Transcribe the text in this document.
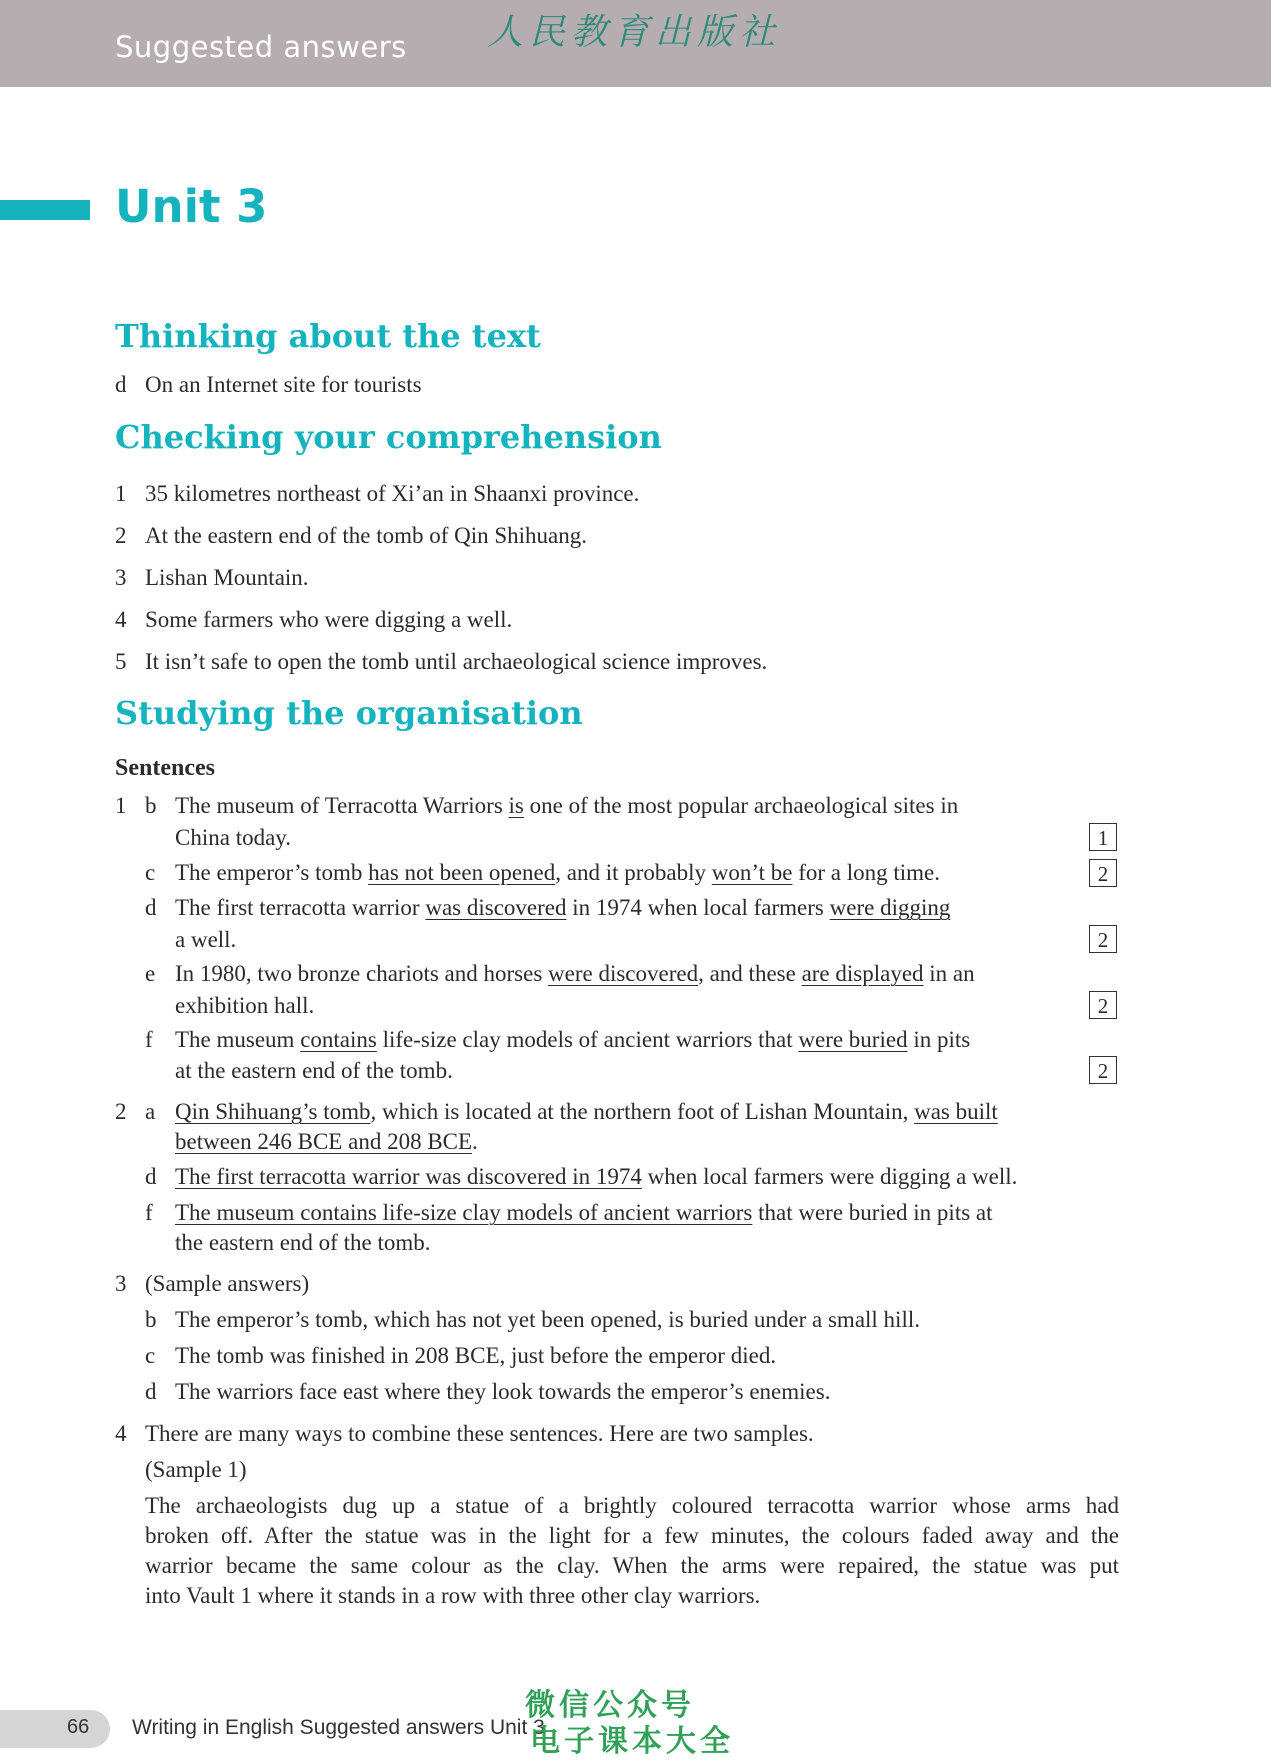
Suggested answers 人民教育出版社
Unit 3
Thinking about the text
d On an Internet site for tourists
Checking your comprehension
1 35 kilometres northeast of Xi’an in Shaanxi province.
2 At the eastern end of the tomb of Qin Shihuang.
3 Lishan Mountain.
4 Some farmers who were digging a well.
5 It isn’t safe to open the tomb until archaeological science improves.
Studying the organisation
Sentences
1 b The museum of Terracotta Warriors is one of the most popular archaeological sites in
China today.	1
c The emperor’s tomb has not been opened, and it probably won’t be for a long time.	2
d The first terracotta warrior was discovered in 1974 when local farmers were digging
a well.	2
e In 1980, two bronze chariots and horses were discovered, and these are displayed in an
exhibition hall.	2
f The museum contains life-size clay models of ancient warriors that were buried in pits
at the eastern end of the tomb.	2
2 a Qin Shihuang’s tomb, which is located at the northern foot of Lishan Mountain, was built
between 246 BCE and 208 BCE.
d The first terracotta warrior was discovered in 1974 when local farmers were digging a well.
f The museum contains life-size clay models of ancient warriors that were buried in pits at
the eastern end of the tomb.
3 (Sample answers)
b The emperor’s tomb, which has not yet been opened, is buried under a small hill.
c The tomb was finished in 208 BCE, just before the emperor died.
d The warriors face east where they look towards the emperor’s enemies.
4 There are many ways to combine these sentences. Here are two samples.
(Sample 1)
The archaeologists dug up a statue of a brightly coloured terracotta warrior whose arms had
broken off. After the statue was in the light for a few minutes, the colours faded away and the
warrior became the same colour as the clay. When the arms were repaired, the statue was put
into Vault 1 where it stands in a row with three other clay warriors.
66 Writing in English Suggested answers Unit 3
微信公众号
电子课本大全
